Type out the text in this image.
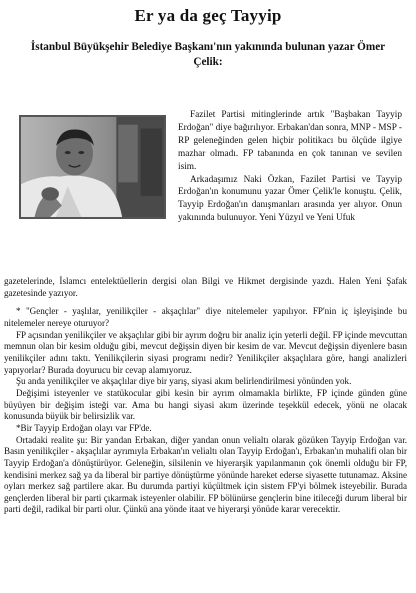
Er ya da geç Tayyip
İstanbul Büyükşehir Belediye Başkanı'nın yakınında bulunan yazar Ömer Çelik:

Fazilet Partisi mitinglerinde artık "Başbakan Tayyip Erdoğan" diye bağırılıyor. Erbakan'dan sonra, MNP - MSP - RP geleneğinden gelen hiçbir politikacı bu ölçüde ilgiye mazhar olmadı. FP tabanında en çok tanınan ve sevilen isim.

Arkadaşımız Naki Özkan, Fazilet Partisi ve Tayyip Erdoğan'ın konumunu yazar Ömer Çelik'le konuştu. Çelik, Tayyip Erdoğan'ın danışmanları arasında yer alıyor. Onun yakınında bulunuyor. Yeni Yüzyıl ve Yeni Ufuk

gazetelerinde, İslamcı entelektüellerin dergisi olan Bilgi ve Hikmet dergisinde yazdı. Halen Yeni Şafak gazetesinde yazıyor.

* "Gençler - yaşlılar, yenilikçiler - akşaçlılar" diye nitelemeler yapılıyor. FP'nin iç işleyişinde bu nitelemeler nereye oturuyor?

FP açısından yenilikçiler ve akşaçlılar gibi bir ayrım doğru bir analiz için yeterli değil. FP içinde mevcuttan memnun olan bir kesim olduğu gibi, mevcut değişsin diyen bir kesim de var. Mevcut değişsin diyenlere basın yenilikçiler adını taktı. Yenilikçilerin siyasi programı nedir? Yenilikçiler akşaçlılara göre, hangi analizleri yapıyorlar? Burada doyurucu bir cevap alamıyoruz.

Şu anda yenilikçiler ve akşaçlılar diye bir yarış, siyasi akım belirlendirilmesi yönünden yok.

Değişimi isteyenler ve statükocular gibi kesin bir ayrım olmamakla birlikte, FP içinde günden güne büyüyen bir değişim isteği var. Ama bu hangi siyasi akım üzerinde teşekkül edecek, yönü ne olacak konusunda büyük bir belirsizlik var.

*Bir Tayyip Erdoğan olayı var FP'de.

Ortadaki realite şu: Bir yandan Erbakan, diğer yandan onun velialtı olarak gözüken Tayyip Erdoğan var. Basın yenilikçiler - akşaçlılar ayrımıyla Erbakan'ın velialtı olan Tayyip Erdoğan'ı, Erbakan'ın muhalifi olan bir Tayyip Erdoğan'a dönüştürüyor. Geleneğin, silsilenin ve hiyerarşik yapılanmanın çok önemli olduğu bir FP, kendisini merkez sağ ya da liberal bir partiye dönüştürme yönünde hareket ederse siyasette tutunamaz. Aksine oyları merkez sağ partilere akar. Bu durumda partiyi küçültmek için sistem FP'yi bölmek isteyebilir. Burada gençlerden liberal bir parti çıkarmak isteyenler olabilir. FP bölünürse gençlerin bine itileceği durum liberal bir parti değil, radikal bir parti olur. Çünkü ana yönde itaat ve hiyerarşi yönüde karar verecektir.
